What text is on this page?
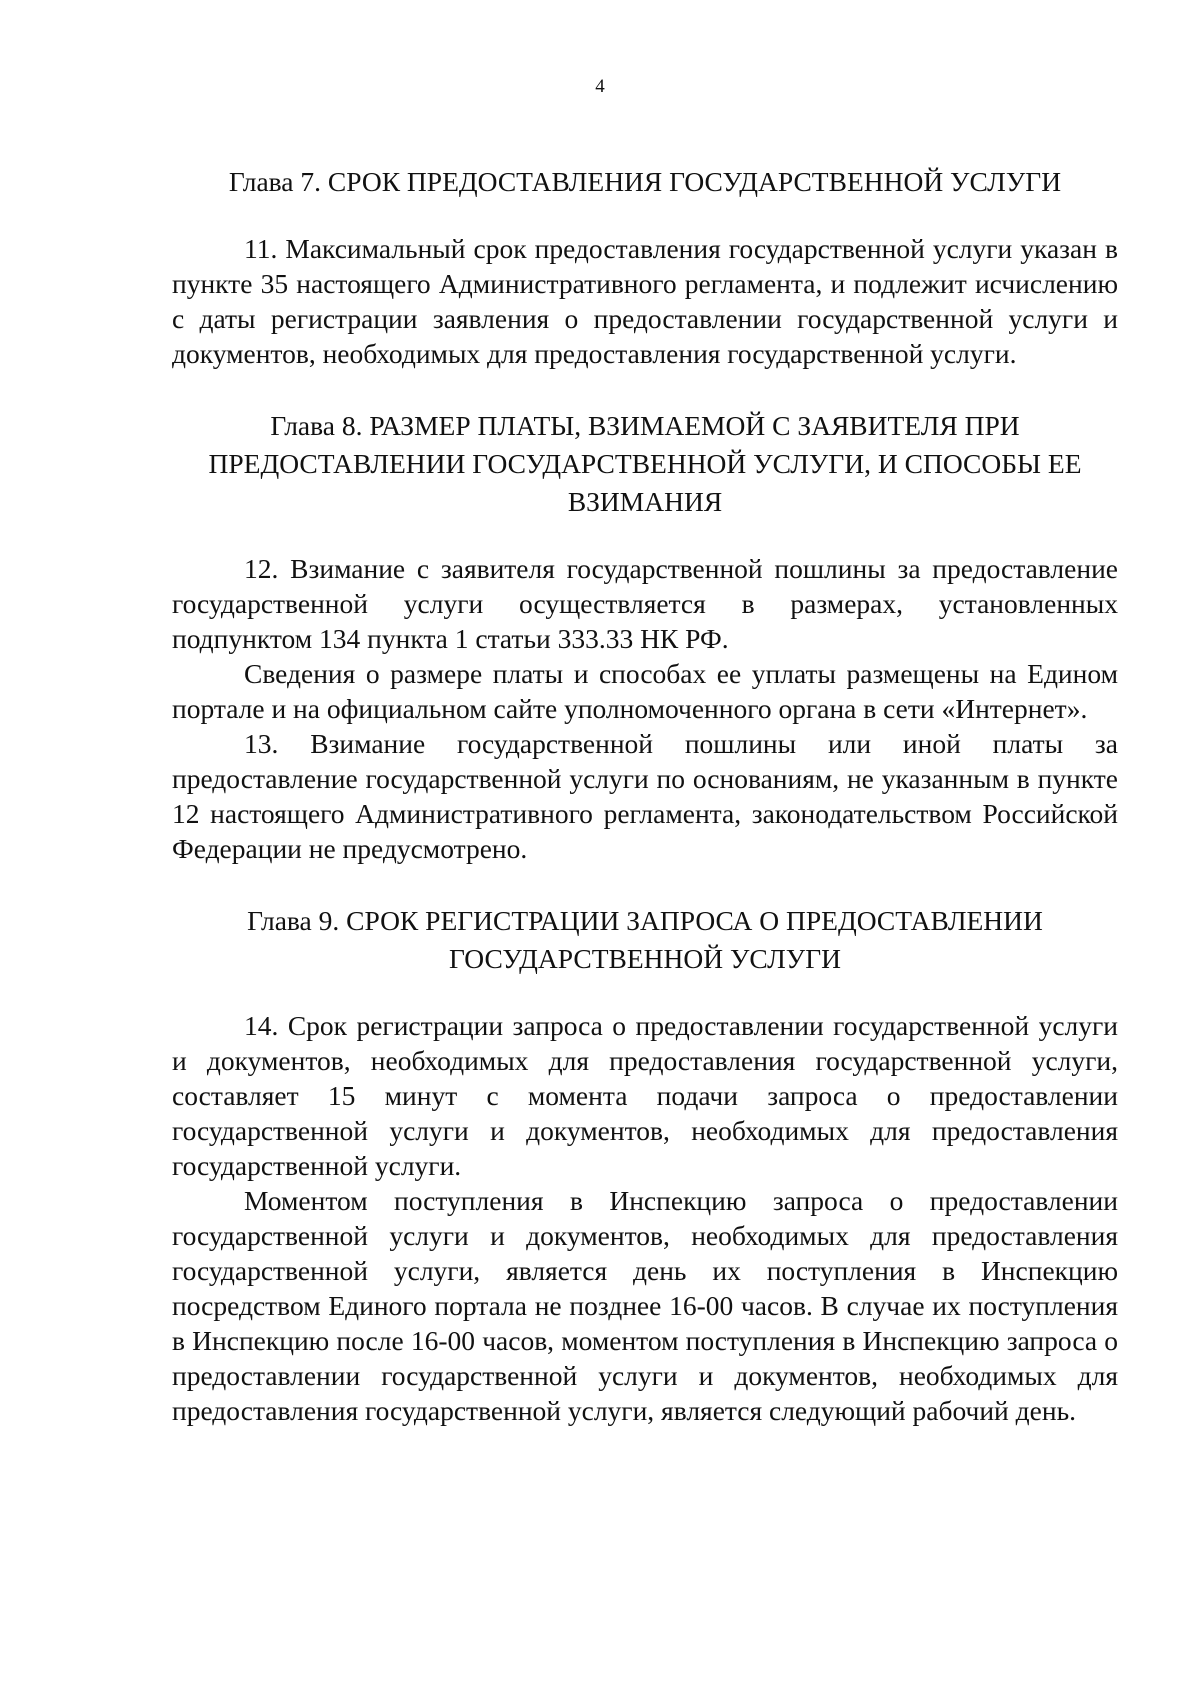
4
Глава 7. СРОК ПРЕДОСТАВЛЕНИЯ ГОСУДАРСТВЕННОЙ УСЛУГИ

11. Максимальный срок предоставления государственной услуги указан в пункте 35 настоящего Административного регламента, и подлежит исчислению с даты регистрации заявления о предоставлении государственной услуги и документов, необходимых для предоставления государственной услуги.

Глава 8. РАЗМЕР ПЛАТЫ, ВЗИМАЕМОЙ С ЗАЯВИТЕЛЯ ПРИ
ПРЕДОСТАВЛЕНИИ ГОСУДАРСТВЕННОЙ УСЛУГИ, И СПОСОБЫ ЕЕ
ВЗИМАНИЯ

12. Взимание с заявителя государственной пошлины за предоставление государственной услуги осуществляется в размерах, установленных подпунктом 134 пункта 1 статьи 333.33 НК РФ.

Сведения о размере платы и способах ее уплаты размещены на Едином портале и на официальном сайте уполномоченного органа в сети «Интернет».

13. Взимание государственной пошлины или иной платы за предоставление государственной услуги по основаниям, не указанным в пункте 12 настоящего Административного регламента, законодательством Российской Федерации не предусмотрено.

Глава 9. СРОК РЕГИСТРАЦИИ ЗАПРОСА О ПРЕДОСТАВЛЕНИИ
ГОСУДАРСТВЕННОЙ УСЛУГИ

14. Срок регистрации запроса о предоставлении государственной услуги и документов, необходимых для предоставления государственной услуги, составляет 15 минут с момента подачи запроса о предоставлении государственной услуги и документов, необходимых для предоставления государственной услуги.

Моментом поступления в Инспекцию запроса о предоставлении государственной услуги и документов, необходимых для предоставления государственной услуги, является день их поступления в Инспекцию посредством Единого портала не позднее 16-00 часов. В случае их поступления в Инспекцию после 16-00 часов, моментом поступления в Инспекцию запроса о предоставлении государственной услуги и документов, необходимых для предоставления государственной услуги, является следующий рабочий день.
